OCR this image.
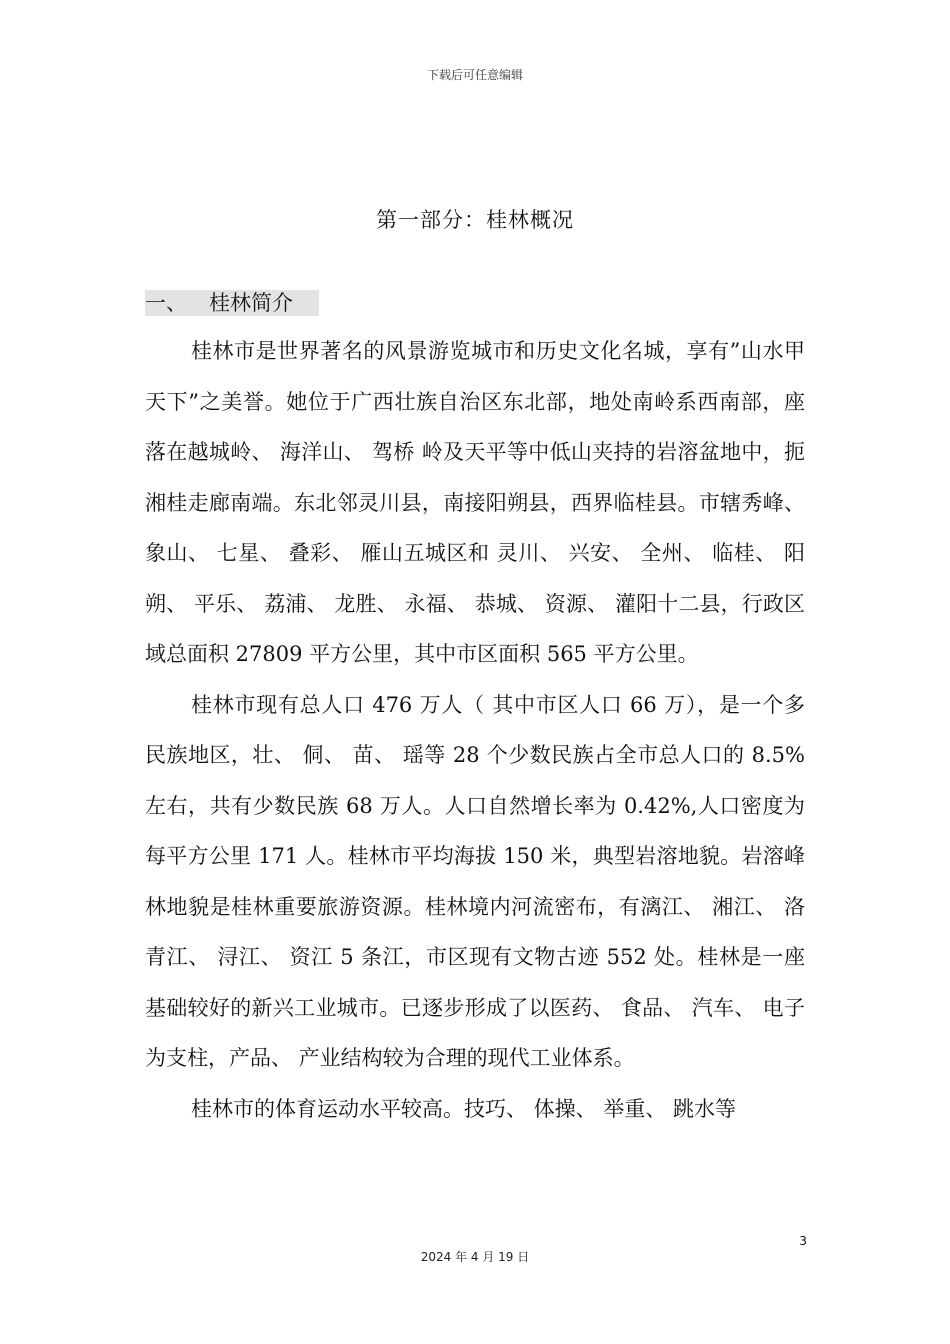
下载后可任意编辑
第一部分：桂林概况
一、 桂林简介

桂林市是世界著名的风景游览城市和历史文化名城，享有”山水甲天下”之美誉。她位于广西壮族自治区东北部，地处南岭系西南部，座落在越城岭、 海洋山、 驾桥 岭及天平等中低山夹持的岩溶盆地中，扼湘桂走廊南端。东北邻灵川县，南接阳朔县，西界临桂县。市辖秀峰、 象山、 七星、 叠彩、 雁山五城区和 灵川、 兴安、 全州、 临桂、 阳朔、 平乐、 荔浦、 龙胜、 永福、 恭城、 资源、 灌阳十二县，行政区域总面积 27809 平方公里，其中市区面积 565 平方公里。

桂林市现有总人口 476 万人（ 其中市区人口 66 万），是一个多民族地区，壮、 侗、 苗、 瑶等 28 个少数民族占全市总人口的 8.5%左右，共有少数民族 68 万人。人口自然增长率为 0.42%,人口密度为每平方公里 171 人。桂林市平均海拔 150 米，典型岩溶地貌。岩溶峰林地貌是桂林重要旅游资源。桂林境内河流密布，有漓江、 湘江、 洛青江、 浔江、 资江 5 条江，市区现有文物古迹 552 处。桂林是一座基础较好的新兴工业城市。已逐步形成了以医药、 食品、 汽车、 电子为支柱，产品、 产业结构较为合理的现代工业体系。

桂林市的体育运动水平较高。技巧、 体操、 举重、 跳水等

3
2024 年 4 月 19 日
